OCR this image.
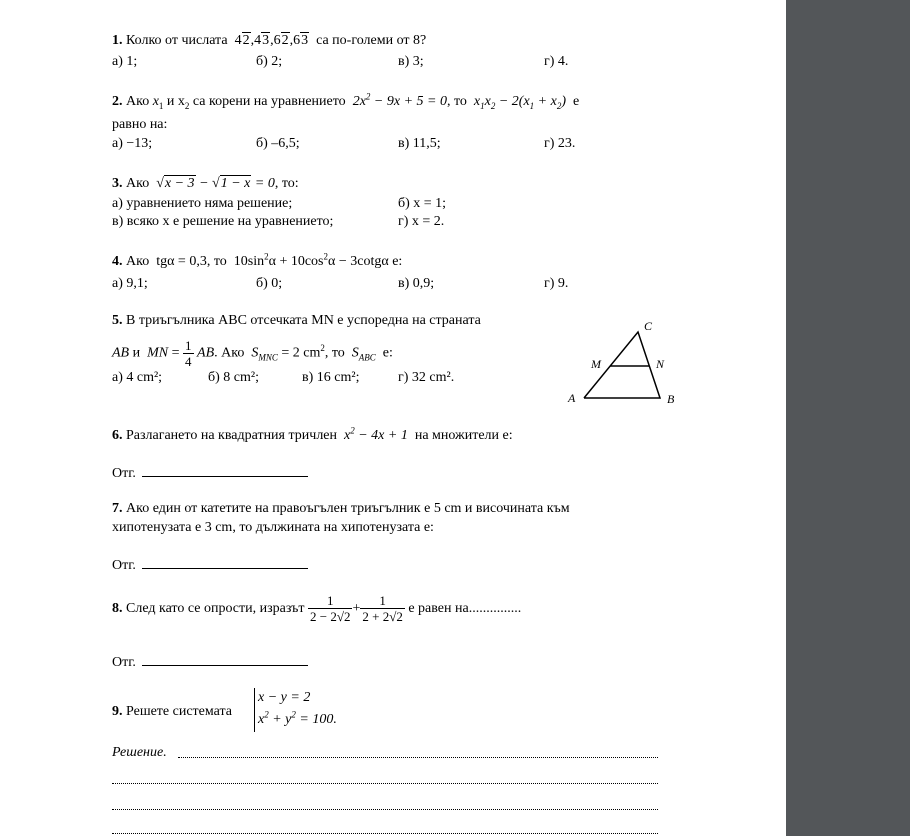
1. Колко от числата 42,43,62,63 са по-големи от 8?
а) 1;	б) 2;	в) 3;	г) 4.
2. Ако $x_1$ и $x_2$ са корени на уравнението  $2x^2 - 9x + 5 = 0$, то  $x_1x_2 - 2(x_1 + x_2)$ е
равно на:
а) −13;	б) –6,5;	в) 11,5;	г) 23.
3. Ако √x − 3 − √1 − x = 0, то:
а) уравнението няма решение;	б) x = 1;
в) всяко x е решение на уравнението;	г) x = 2.
4. Ако tgα = 0,3, то  $10\sin^2\alpha + 10\cos^2\alpha - 3\cot g\alpha$ е:
а) 9,1;	б) 0;	в) 0,9;	г) 9.
5. В триъгълника ABC отсечката MN е успоредна на страната
AB и  MN = $\frac{1}{4}$ AB. Ако  $S_{MNC} = 2$ $cm^2$, то  $S_{ABC}$  е:
а) 4 cm²;	б) 8 cm²;	в) 16 cm²;	г) 32 cm².
C
M	N
A	B
6. Разлагането на квадратния тричлен $x^2 - 4x + 1$ на множители е:
Отг.
7. Ако един от катетите на правоъгълен триъгълник е 5 cm и височината към
хипотенузата е 3 cm, то дължината на хипотенузата е:
Отг.
8. След като се опрости, изразът $\frac{1}{2 - 2√2} + \frac{1}{2 + 2√2}$ е равен на...............
Отг.
9. Решете системата
x − y = 2
$x^2 + y^2 = 100$.
Решение.
